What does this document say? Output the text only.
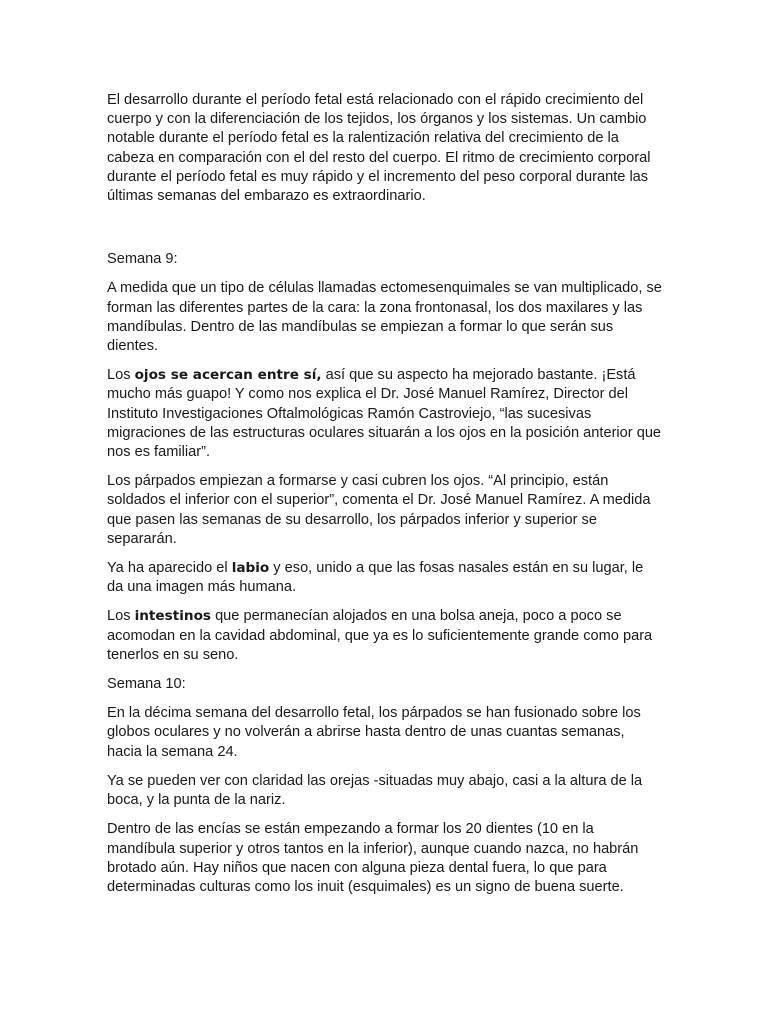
El desarrollo durante el período fetal está relacionado con el rápido crecimiento del cuerpo y con la diferenciación de los tejidos, los órganos y los sistemas. Un cambio notable durante el período fetal es la ralentización relativa del crecimiento de la cabeza en comparación con el del resto del cuerpo. El ritmo de crecimiento corporal durante el período fetal es muy rápido y el incremento del peso corporal durante las últimas semanas del embarazo es extraordinario.

Semana 9:

A medida que un tipo de células llamadas ectomesenquimales se van multiplicado, se forman las diferentes partes de la cara: la zona frontonasal, los dos maxilares y las mandíbulas. Dentro de las mandíbulas se empiezan a formar lo que serán sus dientes.

Los ojos se acercan entre sí, así que su aspecto ha mejorado bastante. ¡Está mucho más guapo! Y como nos explica el Dr. José Manuel Ramírez, Director del Instituto Investigaciones Oftalmológicas Ramón Castroviejo, “las sucesivas migraciones de las estructuras oculares situarán a los ojos en la posición anterior que nos es familiar”.

Los párpados empiezan a formarse y casi cubren los ojos. “Al principio, están soldados el inferior con el superior”, comenta el Dr. José Manuel Ramírez. A medida que pasen las semanas de su desarrollo, los párpados inferior y superior se separarán.

Ya ha aparecido el labio y eso, unido a que las fosas nasales están en su lugar, le da una imagen más humana.

Los intestinos que permanecían alojados en una bolsa aneja, poco a poco se acomodan en la cavidad abdominal, que ya es lo suficientemente grande como para tenerlos en su seno.

Semana 10:

En la décima semana del desarrollo fetal, los párpados se han fusionado sobre los globos oculares y no volverán a abrirse hasta dentro de unas cuantas semanas, hacia la semana 24.

Ya se pueden ver con claridad las orejas -situadas muy abajo, casi a la altura de la boca, y la punta de la nariz.

Dentro de las encías se están empezando a formar los 20 dientes (10 en la mandíbula superior y otros tantos en la inferior), aunque cuando nazca, no habrán brotado aún. Hay niños que nacen con alguna pieza dental fuera, lo que para determinadas culturas como los inuit (esquimales) es un signo de buena suerte.
